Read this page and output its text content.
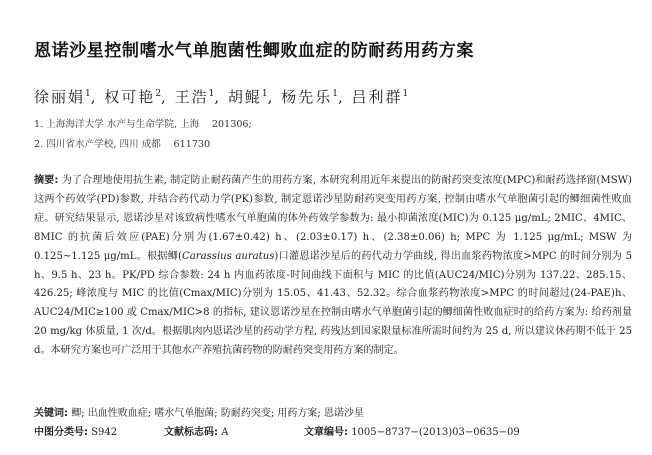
恩诺沙星控制嗜水气单胞菌性鲫败血症的防耐药用药方案
徐丽娟$^1$, 权可艳$^2$, 王浩$^1$, 胡鲲$^1$, 杨先乐$^1$, 吕利群$^1$
1. 上海海洋大学 水产与生命学院, 上海　 201306;
2. 四川省水产学校, 四川 成都　 611730

摘要: 为了合理地使用抗生素, 制定防止耐药菌产生的用药方案, 本研究利用近年来提出的防耐药突变浓度(MPC)和耐药选择窗(MSW)这两个药效学(PD)参数, 并结合药代动力学(PK)参数, 制定恩诺沙星防耐药突变用药方案, 控制由嗜水气单胞菌引起的鲫细菌性败血症。研究结果显示, 恩诺沙星对该致病性嗜水气单胞菌的体外药效学参数为: 最小抑菌浓度(MIC)为 0.125 μg/mL; 2MIC、4MIC、8MIC 的抗菌后效应(PAE)分别为(1.67±0.42) h、(2.03±0.17) h、(2.38±0.06) h; MPC 为 1.125 μg/mL; MSW 为 0.125~1.125 μg/mL。根据鲫(Carassius auratus)口灌恩诺沙星后的药代动力学曲线, 得出血浆药物浓度>MPC 的时间分别为 5 h、9.5 h、23 h。PK/PD 综合参数: 24 h 内血药浓度-时间曲线下面积与 MIC 的比值(AUC24/MIC)分别为 137.22、285.15、426.25; 峰浓度与 MIC 的比值(Cmax/MIC)分别为 15.05、41.43、52.32。综合血浆药物浓度>MPC 的时间超过(24-PAE)h、AUC24/MIC≥100 或 Cmax/MIC>8 的指标, 建议恩诺沙星在控制由嗜水气单胞菌引起的鲫细菌性败血症时的给药方案为: 给药剂量 20 mg/kg 体质量, 1 次/d。根据肌肉内恩诺沙星的药动学方程, 药残达到国家限量标准所需时间约为 25 d, 所以建议休药期不低于 25 d。本研究方案也可广泛用于其他水产养殖抗菌药物的防耐药突变用药方案的制定。

关键词: 鲫; 出血性败血症; 嗜水气单胞菌; 防耐药突变; 用药方案; 恩诺沙星
中图分类号: S942	文献标志码: A	文章编号: 1005−8737−(2013)03−0635−09
